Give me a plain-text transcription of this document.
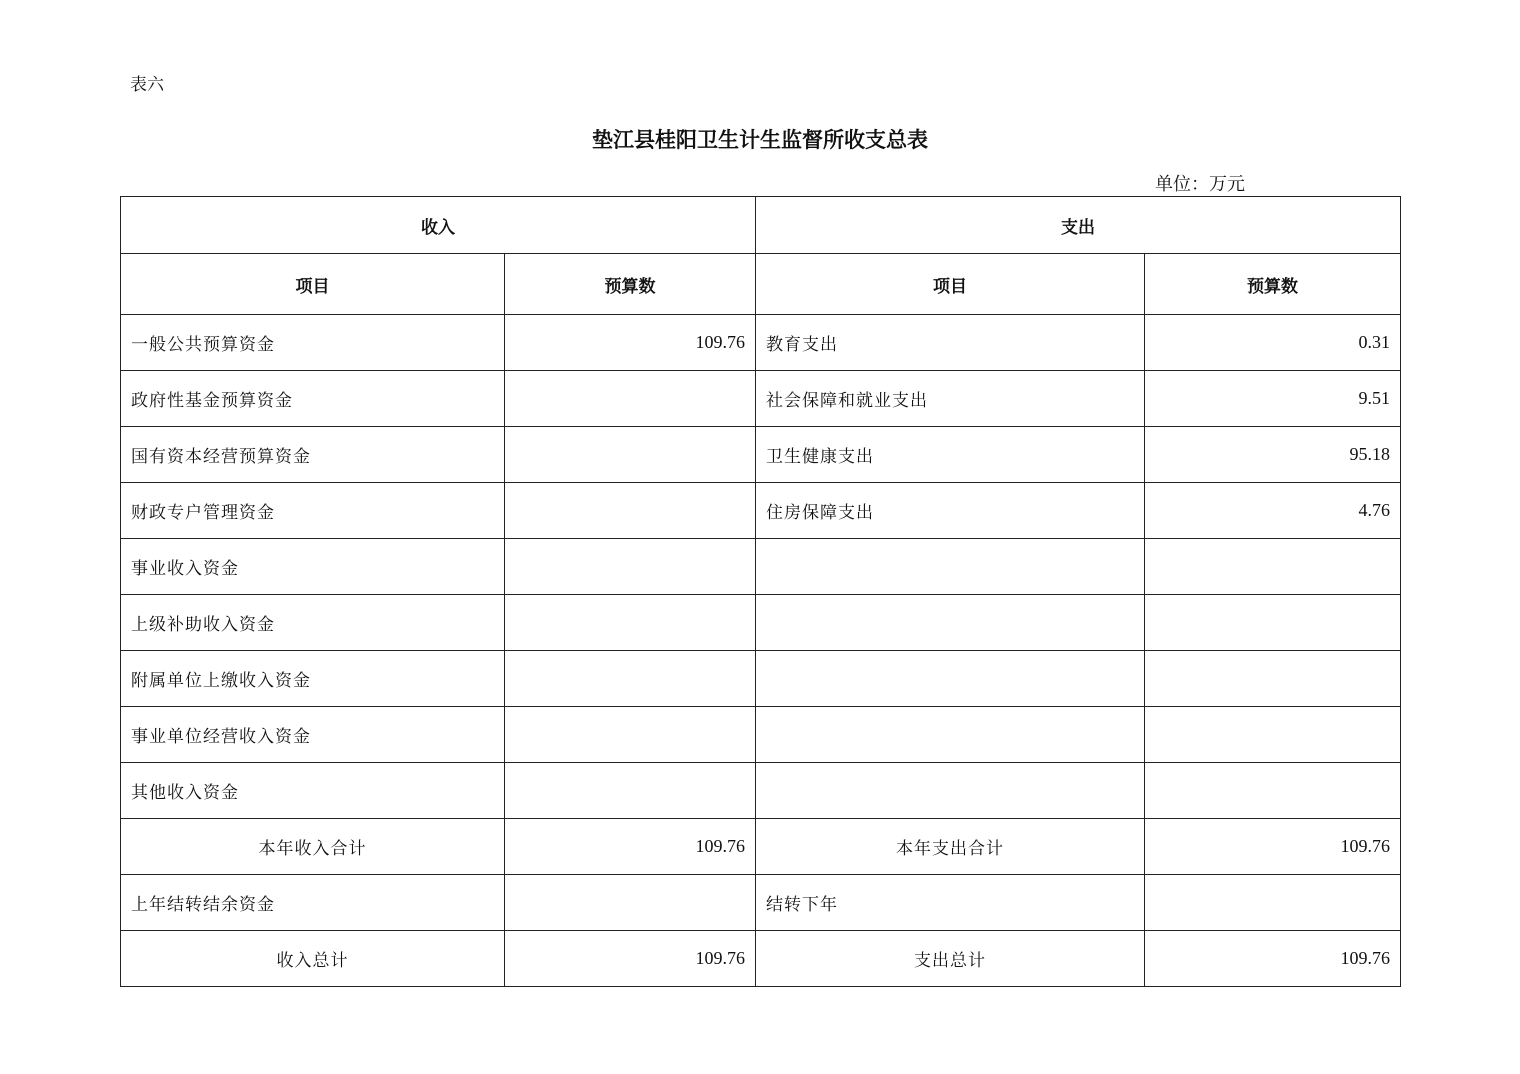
表六
垫江县桂阳卫生计生监督所收支总表
单位：万元
收入		支出	
项目	预算数	项目	预算数
一般公共预算资金	109.76	教育支出	0.31
政府性基金预算资金		社会保障和就业支出	9.51
国有资本经营预算资金		卫生健康支出	95.18
财政专户管理资金		住房保障支出	4.76
事业收入资金			
上级补助收入资金			
附属单位上缴收入资金			
事业单位经营收入资金			
其他收入资金			
本年收入合计	109.76	本年支出合计	109.76
上年结转结余资金		结转下年	
收入总计	109.76	支出总计	109.76
